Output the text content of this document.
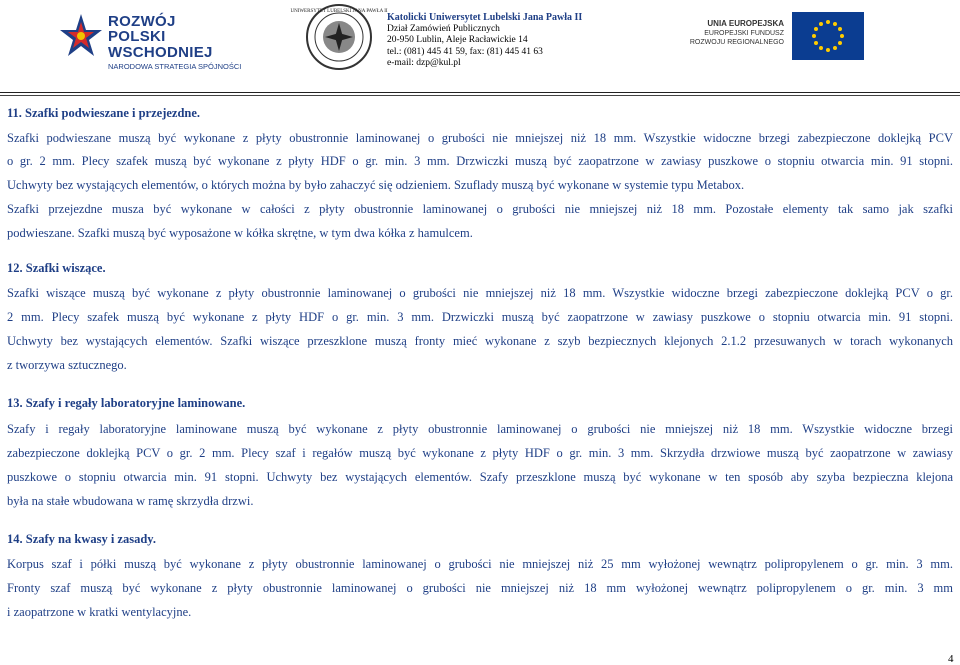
ROZWÓJ
POLSKI WSCHODNIEJ
NARODOWA STRATEGIA SPÓJNOŚCI
UNIWERSYTET LUBELSKI JANA PAWŁA II
Katolicki Uniwersytet Lubelski Jana Pawła II
Dział Zamówień Publicznych
20-950 Lublin, Aleje Racławickie 14
tel.: (081) 445 41 59, fax: (81) 445 41 63
e-mail: dzp@kul.pl
UNIA EUROPEJSKA
EUROPEJSKI FUNDUSZ
ROZWOJU REGIONALNEGO
11. Szafki podwieszane i przejezdne.
Szafki podwieszane muszą być wykonane z płyty obustronnie laminowanej o grubości nie mniejszej niż 18 mm. Wszystkie widoczne brzegi zabezpieczone doklejką PCV
o gr. 2 mm. Plecy szafek muszą być wykonane z płyty HDF o gr. min. 3 mm. Drzwiczki muszą być zaopatrzone w zawiasy puszkowe o stopniu otwarcia min. 91 stopni.
Uchwyty bez wystających elementów, o których można by było zahaczyć się odzieniem. Szuflady muszą być wykonane w systemie typu Metabox.
Szafki przejezdne musza być wykonane w całości z płyty obustronnie laminowanej o grubości nie mniejszej niż 18 mm. Pozostałe elementy tak samo jak szafki
podwieszane. Szafki muszą być wyposażone w kółka skrętne, w tym dwa kółka z hamulcem.
12. Szafki wiszące.
Szafki wiszące muszą być wykonane z płyty obustronnie laminowanej o grubości nie mniejszej niż 18 mm. Wszystkie widoczne brzegi zabezpieczone doklejką PCV o gr.
2 mm. Plecy szafek muszą być wykonane z płyty HDF o gr. min. 3 mm. Drzwiczki muszą być zaopatrzone w zawiasy puszkowe o stopniu otwarcia min. 91 stopni.
Uchwyty bez wystających elementów. Szafki wiszące przeszklone muszą fronty mieć wykonane z szyb bezpiecznych klejonych 2.1.2 przesuwanych w torach wykonanych
z tworzywa sztucznego.
13. Szafy i regały laboratoryjne laminowane.
Szafy i regały laboratoryjne laminowane muszą być wykonane z płyty obustronnie laminowanej o grubości nie mniejszej niż 18 mm. Wszystkie widoczne brzegi
zabezpieczone doklejką PCV o gr. 2 mm. Plecy szaf i regałów muszą być wykonane z płyty HDF o gr. min. 3 mm. Skrzydła drzwiowe muszą być zaopatrzone w zawiasy
puszkowe o stopniu otwarcia min. 91 stopni. Uchwyty bez wystających elementów. Szafy przeszklone muszą być wykonane w ten sposób aby szyba bezpieczna klejona
była na stałe wbudowana w ramę skrzydła drzwi.
14. Szafy na kwasy i zasady.
Korpus szaf i półki muszą być wykonane z płyty obustronnie laminowanej o grubości nie mniejszej niż 25 mm wyłożonej wewnątrz polipropylenem o gr. min. 3 mm.
Fronty szaf muszą być wykonane z płyty obustronnie laminowanej o grubości nie mniejszej niż 18 mm wyłożonej wewnątrz polipropylenem o gr. min. 3 mm
i zaopatrzone w kratki wentylacyjne.
4
